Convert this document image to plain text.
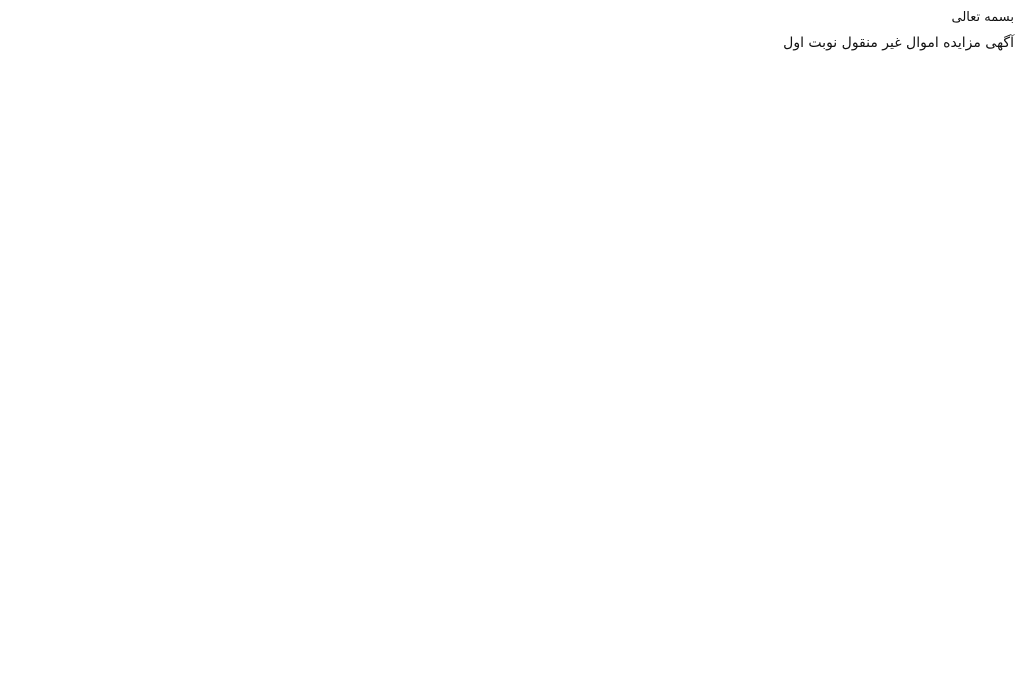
بسمه تعالی

آگهی مزایده اموال غیر منقول نوبت اول
